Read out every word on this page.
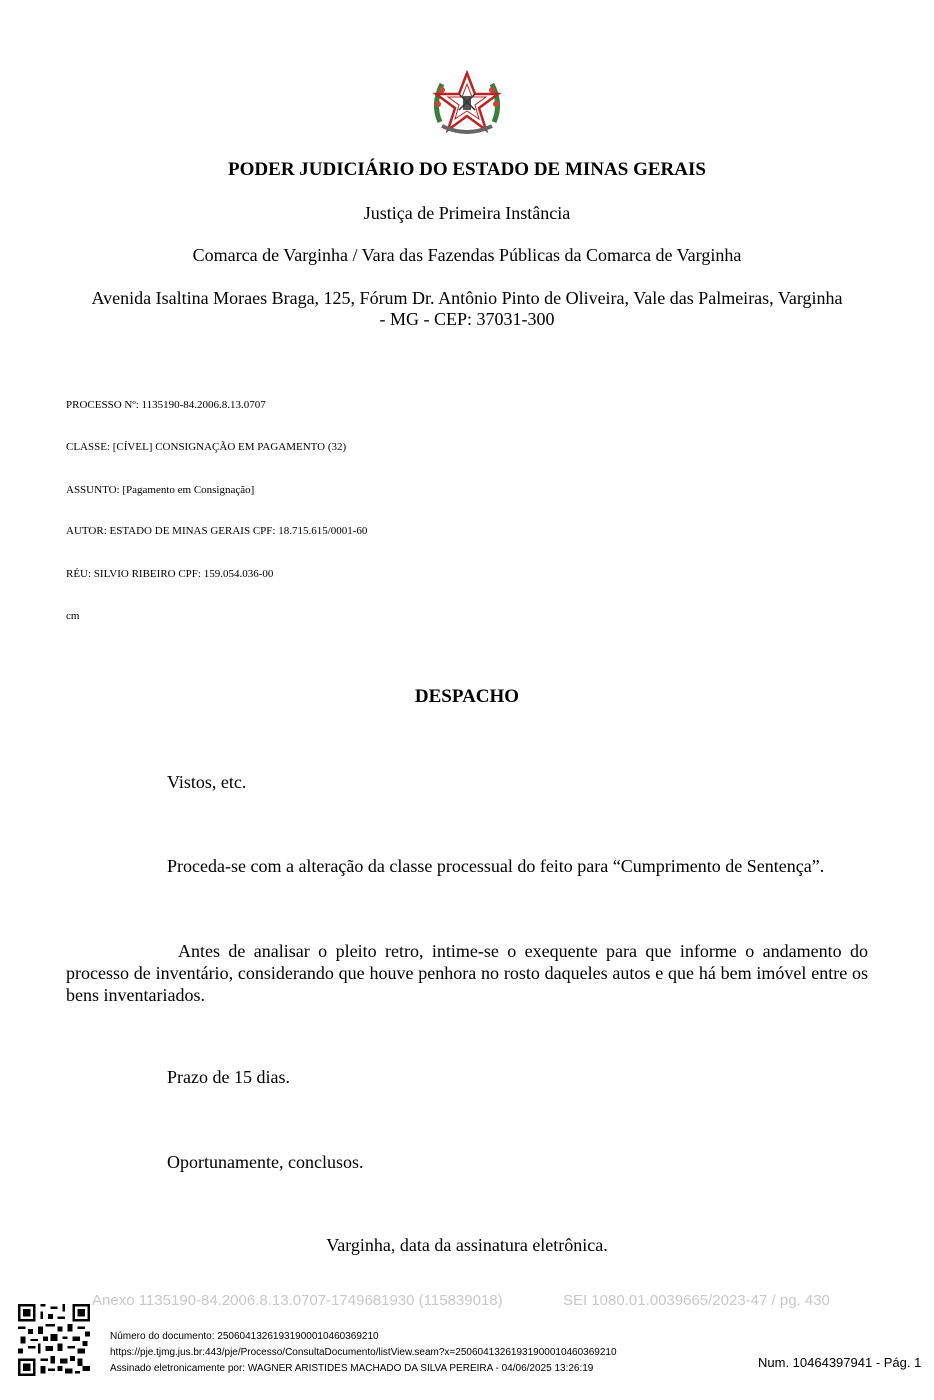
PODER JUDICIÁRIO DO ESTADO DE MINAS GERAIS
Justiça de Primeira Instância
Comarca de Varginha / Vara das Fazendas Públicas da Comarca de Varginha
Avenida Isaltina Moraes Braga, 125, Fórum Dr. Antônio Pinto de Oliveira, Vale das Palmeiras, Varginha
- MG - CEP: 37031-300
PROCESSO Nº: 1135190-84.2006.8.13.0707
CLASSE: [CÍVEL] CONSIGNAÇÃO EM PAGAMENTO (32)
ASSUNTO: [Pagamento em Consignação]
AUTOR: ESTADO DE MINAS GERAIS CPF: 18.715.615/0001-60
RÉU: SILVIO RIBEIRO CPF: 159.054.036-00
cm
DESPACHO
Vistos, etc.
Proceda-se com a alteração da classe processual do feito para “Cumprimento de Sentença”.
Antes de analisar o pleito retro, intime-se o exequente para que informe o andamento do processo de inventário, considerando que houve penhora no rosto daqueles autos e que há bem imóvel entre os bens inventariados.
Prazo de 15 dias.
Oportunamente, conclusos.
Varginha, data da assinatura eletrônica.
Anexo 1135190-84.2006.8.13.0707-1749681930 (115839018)	SEI 1080.01.0039665/2023-47 / pg. 430
Número do documento: 25060413261931900010460369210
https://pje.tjmg.jus.br:443/pje/Processo/ConsultaDocumento/listView.seam?x=25060413261931900010460369210
Assinado eletronicamente por: WAGNER ARISTIDES MACHADO DA SILVA PEREIRA - 04/06/2025 13:26:19	Num. 10464397941 - Pág. 1
